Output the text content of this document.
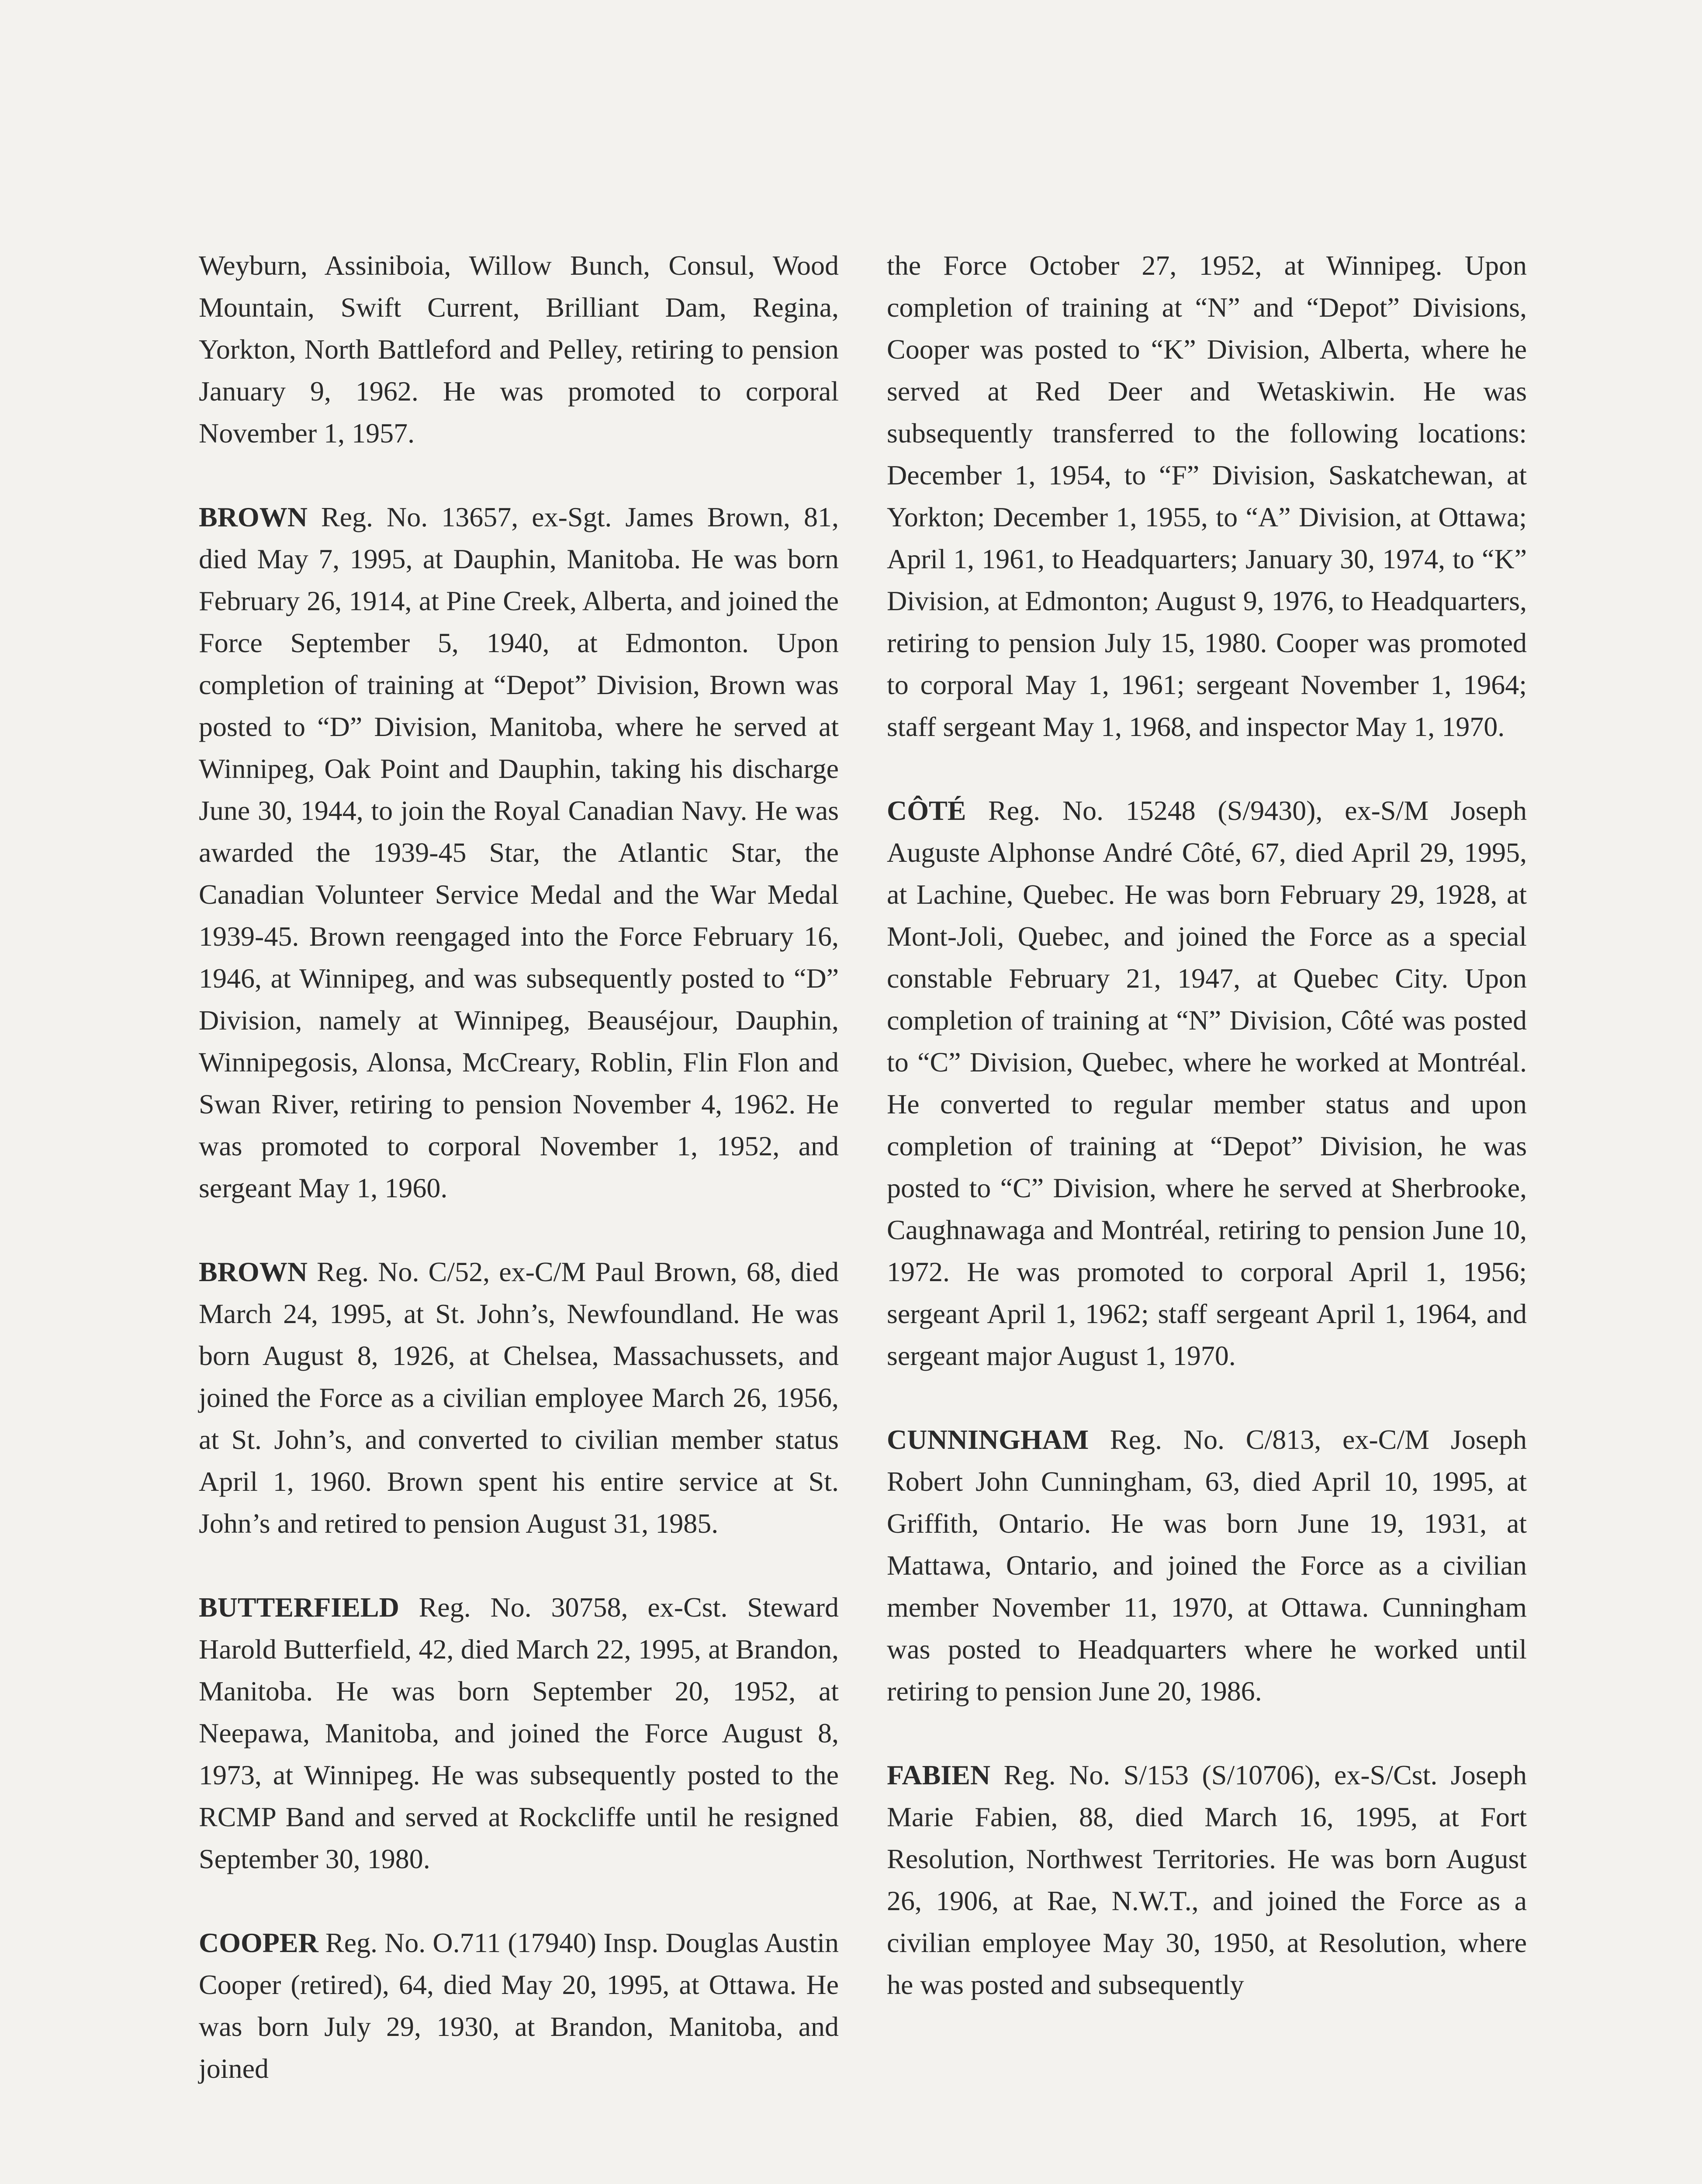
Weyburn, Assiniboia, Willow Bunch, Consul, Wood Mountain, Swift Current, Brilliant Dam, Regina, Yorkton, North Battleford and Pelley, retiring to pension January 9, 1962. He was promoted to corporal November 1, 1957.

BROWN Reg. No. 13657, ex-Sgt. James Brown, 81, died May 7, 1995, at Dauphin, Manitoba. He was born February 26, 1914, at Pine Creek, Alberta, and joined the Force September 5, 1940, at Edmonton. Upon completion of training at “Depot” Division, Brown was posted to “D” Division, Manitoba, where he served at Winnipeg, Oak Point and Dauphin, taking his discharge June 30, 1944, to join the Royal Canadian Navy. He was awarded the 1939-45 Star, the Atlantic Star, the Canadian Volunteer Service Medal and the War Medal 1939-45. Brown reengaged into the Force February 16, 1946, at Winnipeg, and was subsequently posted to “D” Division, namely at Winnipeg, Beauséjour, Dauphin, Winnipegosis, Alonsa, McCreary, Roblin, Flin Flon and Swan River, retiring to pension November 4, 1962. He was promoted to corporal November 1, 1952, and sergeant May 1, 1960.

BROWN Reg. No. C/52, ex-C/M Paul Brown, 68, died March 24, 1995, at St. John’s, Newfoundland. He was born August 8, 1926, at Chelsea, Massachussets, and joined the Force as a civilian employee March 26, 1956, at St. John’s, and converted to civilian member status April 1, 1960. Brown spent his entire service at St. John’s and retired to pension August 31, 1985.

BUTTERFIELD Reg. No. 30758, ex-Cst. Steward Harold Butterfield, 42, died March 22, 1995, at Brandon, Manitoba. He was born September 20, 1952, at Neepawa, Manitoba, and joined the Force August 8, 1973, at Winnipeg. He was subsequently posted to the RCMP Band and served at Rockcliffe until he resigned September 30, 1980.

COOPER Reg. No. O.711 (17940) Insp. Douglas Austin Cooper (retired), 64, died May 20, 1995, at Ottawa. He was born July 29, 1930, at Brandon, Manitoba, and joined

the Force October 27, 1952, at Winnipeg. Upon completion of training at “N” and “Depot” Divisions, Cooper was posted to “K” Division, Alberta, where he served at Red Deer and Wetaskiwin. He was subsequently transferred to the following locations: December 1, 1954, to “F” Division, Saskatchewan, at Yorkton; December 1, 1955, to “A” Division, at Ottawa; April 1, 1961, to Headquarters; January 30, 1974, to “K” Division, at Edmonton; August 9, 1976, to Headquarters, retiring to pension July 15, 1980. Cooper was promoted to corporal May 1, 1961; sergeant November 1, 1964; staff sergeant May 1, 1968, and inspector May 1, 1970.

CÔTÉ Reg. No. 15248 (S/9430), ex-S/M Joseph Auguste Alphonse André Côté, 67, died April 29, 1995, at Lachine, Quebec. He was born February 29, 1928, at Mont-Joli, Quebec, and joined the Force as a special constable February 21, 1947, at Quebec City. Upon completion of training at “N” Division, Côté was posted to “C” Division, Quebec, where he worked at Montréal. He converted to regular member status and upon completion of training at “Depot” Division, he was posted to “C” Division, where he served at Sherbrooke, Caughnawaga and Montréal, retiring to pension June 10, 1972. He was promoted to corporal April 1, 1956; sergeant April 1, 1962; staff sergeant April 1, 1964, and sergeant major August 1, 1970.

CUNNINGHAM Reg. No. C/813, ex-C/M Joseph Robert John Cunningham, 63, died April 10, 1995, at Griffith, Ontario. He was born June 19, 1931, at Mattawa, Ontario, and joined the Force as a civilian member November 11, 1970, at Ottawa. Cunningham was posted to Headquarters where he worked until retiring to pension June 20, 1986.

FABIEN Reg. No. S/153 (S/10706), ex-S/Cst. Joseph Marie Fabien, 88, died March 16, 1995, at Fort Resolution, Northwest Territories. He was born August 26, 1906, at Rae, N.W.T., and joined the Force as a civilian employee May 30, 1950, at Resolution, where he was posted and subsequently
